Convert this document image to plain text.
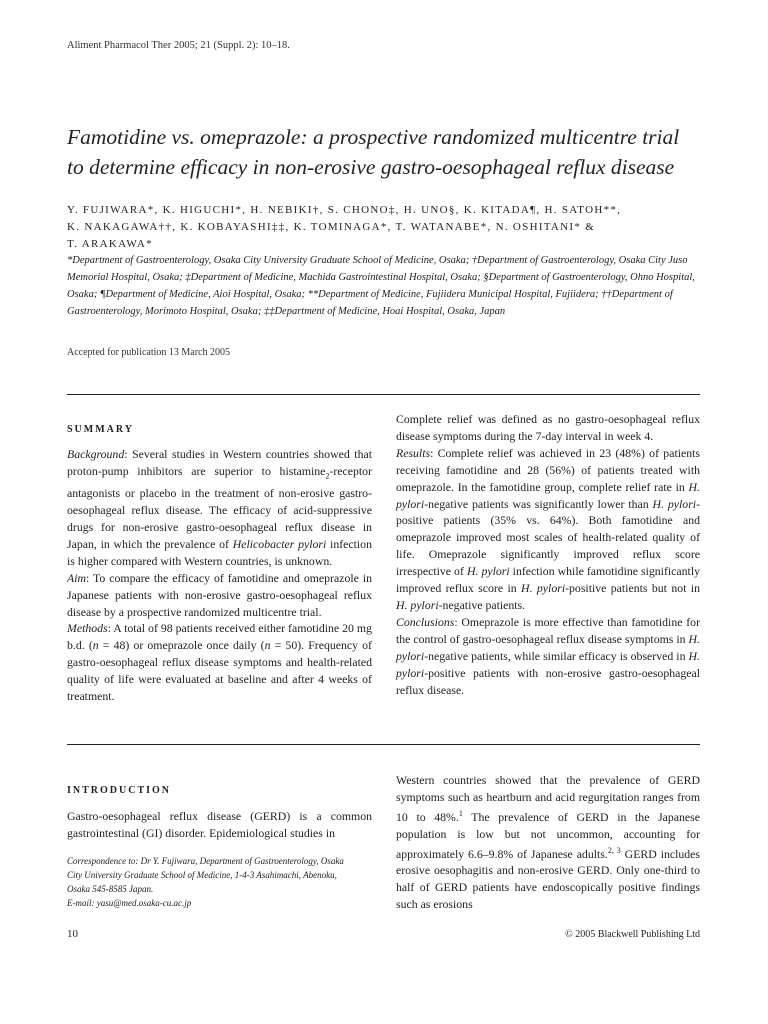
Aliment Pharmacol Ther 2005; 21 (Suppl. 2): 10–18.
Famotidine vs. omeprazole: a prospective randomized multicentre trial
to determine efficacy in non-erosive gastro-oesophageal reflux disease
Y. FUJIWARA*, K. HIGUCHI*, H. NEBIKI†, S. CHONO‡, H. UNO§, K. KITADA¶, H. SATOH**,
K. NAKAGAWA††, K. KOBAYASHI‡‡, K. TOMINAGA*, T. WATANABE*, N. OSHITANI* &
T. ARAKAWA*
*Department of Gastroenterology, Osaka City University Graduate School of Medicine, Osaka; †Department of Gastroenterology, Osaka City Juso Memorial Hospital, Osaka; ‡Department of Medicine, Machida Gastrointestinal Hospital, Osaka; §Department of Gastroenterology, Ohno Hospital, Osaka; ¶Department of Medicine, Aioi Hospital, Osaka; **Department of Medicine, Fujiidera Municipal Hospital, Fujiidera; ††Department of Gastroenterology, Morimoto Hospital, Osaka; ‡‡Department of Medicine, Hoai Hospital, Osaka, Japan
Accepted for publication 13 March 2005
SUMMARY

Background: Several studies in Western countries showed that proton-pump inhibitors are superior to histamine$_2$-receptor antagonists or placebo in the treatment of non-erosive gastro-oesophageal reflux disease. The efficacy of acid-suppressive drugs for non-erosive gastro-oesophageal reflux disease in Japan, in which the prevalence of Helicobacter pylori infection is higher compared with Western countries, is unknown.

Aim: To compare the efficacy of famotidine and omeprazole in Japanese patients with non-erosive gastro-oesophageal reflux disease by a prospective randomized multicentre trial.

Methods: A total of 98 patients received either famotidine 20 mg b.d. (n = 48) or omeprazole once daily (n = 50). Frequency of gastro-oesophageal reflux disease symptoms and health-related quality of life were evaluated at baseline and after 4 weeks of treatment.

Complete relief was defined as no gastro-oesophageal reflux disease symptoms during the 7-day interval in week 4.

Results: Complete relief was achieved in 23 (48%) of patients receiving famotidine and 28 (56%) of patients treated with omeprazole. In the famotidine group, complete relief rate in H. pylori-negative patients was significantly lower than H. pylori-positive patients (35% vs. 64%). Both famotidine and omeprazole improved most scales of health-related quality of life. Omeprazole significantly improved reflux score irrespective of H. pylori infection while famotidine significantly improved reflux score in H. pylori-positive patients but not in H. pylori-negative patients.

Conclusions: Omeprazole is more effective than famotidine for the control of gastro-oesophageal reflux disease symptoms in H. pylori-negative patients, while similar efficacy is observed in H. pylori-positive patients with non-erosive gastro-oesophageal reflux disease.

INTRODUCTION

Gastro-oesophageal reflux disease (GERD) is a common gastrointestinal (GI) disorder. Epidemiological studies in

Correspondence to: Dr Y. Fujiwara, Department of Gastroenterology, Osaka
City University Graduate School of Medicine, 1-4-3 Asahimachi, Abenoku,
Osaka 545-8585 Japan.
E-mail: yasu@med.osaka-cu.ac.jp

Western countries showed that the prevalence of GERD symptoms such as heartburn and acid regurgitation ranges from 10 to 48%.$^1$ The prevalence of GERD in the Japanese population is low but not uncommon, accounting for approximately 6.6–9.8% of Japanese adults.$^{2, 3}$ GERD includes erosive oesophagitis and non-erosive GERD. Only one-third to half of GERD patients have endoscopically positive findings such as erosions

10	© 2005 Blackwell Publishing Ltd
